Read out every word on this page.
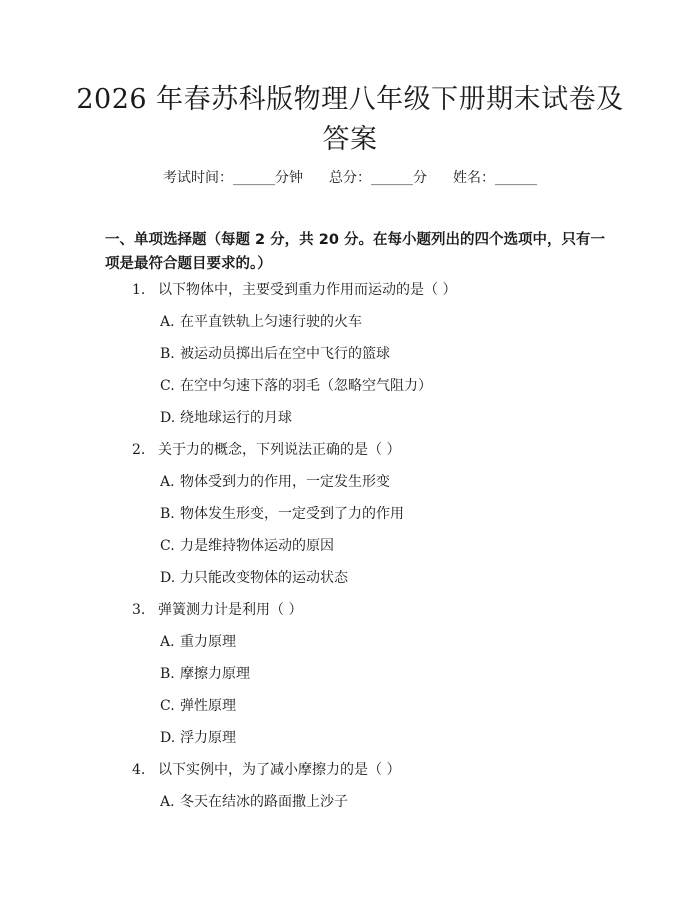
2026 年春苏科版物理八年级下册期末试卷及
答案
考试时间：______分钟 总分：______分 姓名：______
一、单项选择题（每题 2 分，共 20 分。在每小题列出的四个选项中，只有一项是最符合题目要求的。）
1. 以下物体中，主要受到重力作用而运动的是（ ）
A. 在平直铁轨上匀速行驶的火车
B. 被运动员掷出后在空中飞行的篮球
C. 在空中匀速下落的羽毛（忽略空气阻力）
D. 绕地球运行的月球
2. 关于力的概念，下列说法正确的是（ ）
A. 物体受到力的作用，一定发生形变
B. 物体发生形变，一定受到了力的作用
C. 力是维持物体运动的原因
D. 力只能改变物体的运动状态
3. 弹簧测力计是利用（ ）
A. 重力原理
B. 摩擦力原理
C. 弹性原理
D. 浮力原理
4. 以下实例中，为了减小摩擦力的是（ ）
A. 冬天在结冰的路面撒上沙子
